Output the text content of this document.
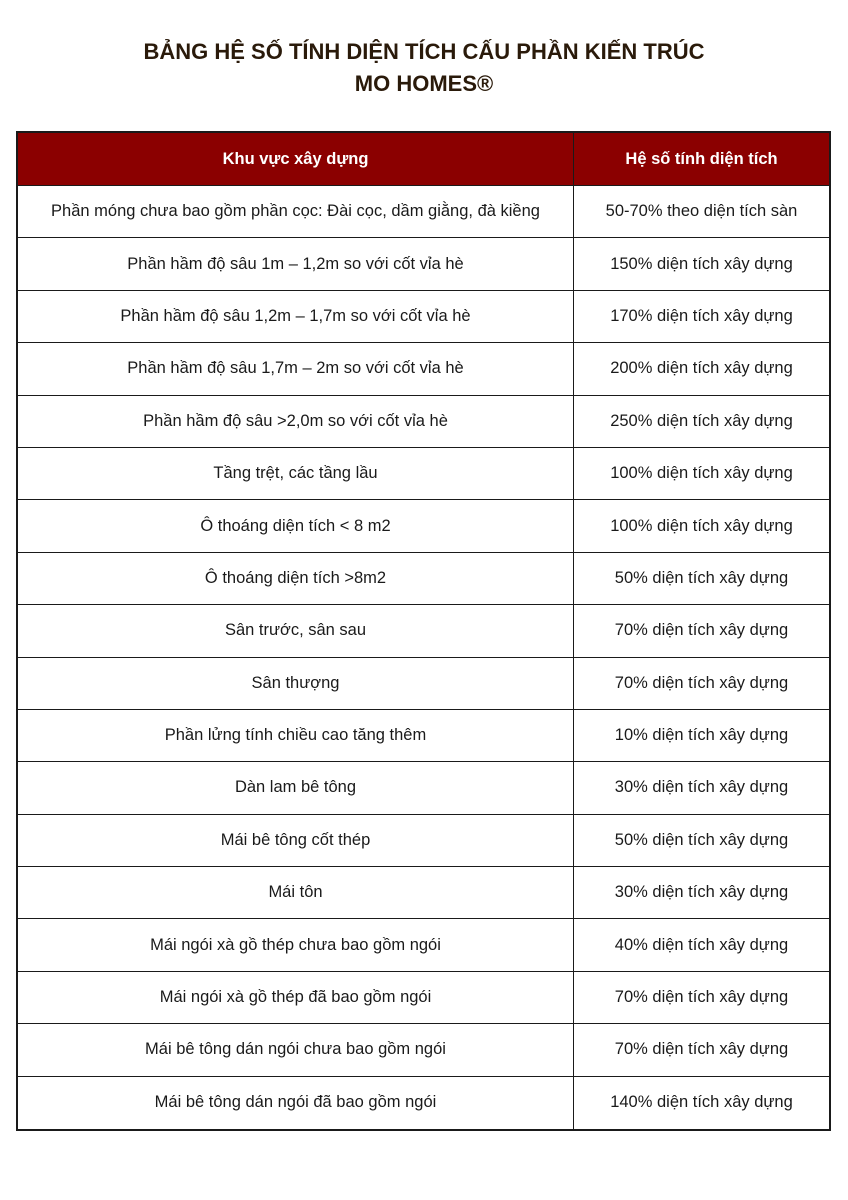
BẢNG HỆ SỐ TÍNH DIỆN TÍCH CẤU PHẦN KIẾN TRÚC
MO HOMES®
Khu vực xây dựng	Hệ số tính diện tích
Phần móng chưa bao gồm phần cọc: Đài cọc, dầm giằng, đà kiềng	50-70% theo diện tích sàn
Phần hầm độ sâu 1m – 1,2m so với cốt vỉa hè	150% diện tích xây dựng
Phần hầm độ sâu 1,2m – 1,7m so với cốt vỉa hè	170% diện tích xây dựng
Phần hầm độ sâu 1,7m – 2m so với cốt vỉa hè	200% diện tích xây dựng
Phần hầm độ sâu >2,0m so với cốt vỉa hè	250% diện tích xây dựng
Tầng trệt, các tầng lầu	100% diện tích xây dựng
Ô thoáng diện tích < 8 m2	100% diện tích xây dựng
Ô thoáng diện tích >8m2	50% diện tích xây dựng
Sân trước, sân sau	70% diện tích xây dựng
Sân thượng	70% diện tích xây dựng
Phần lửng tính chiều cao tăng thêm	10% diện tích xây dựng
Dàn lam bê tông	30% diện tích xây dựng
Mái bê tông cốt thép	50% diện tích xây dựng
Mái tôn	30% diện tích xây dựng
Mái ngói xà gồ thép chưa bao gồm ngói	40% diện tích xây dựng
Mái ngói xà gồ thép đã bao gồm ngói	70% diện tích xây dựng
Mái bê tông dán ngói chưa bao gồm ngói	70% diện tích xây dựng
Mái bê tông dán ngói đã bao gồm ngói	140% diện tích xây dựng
